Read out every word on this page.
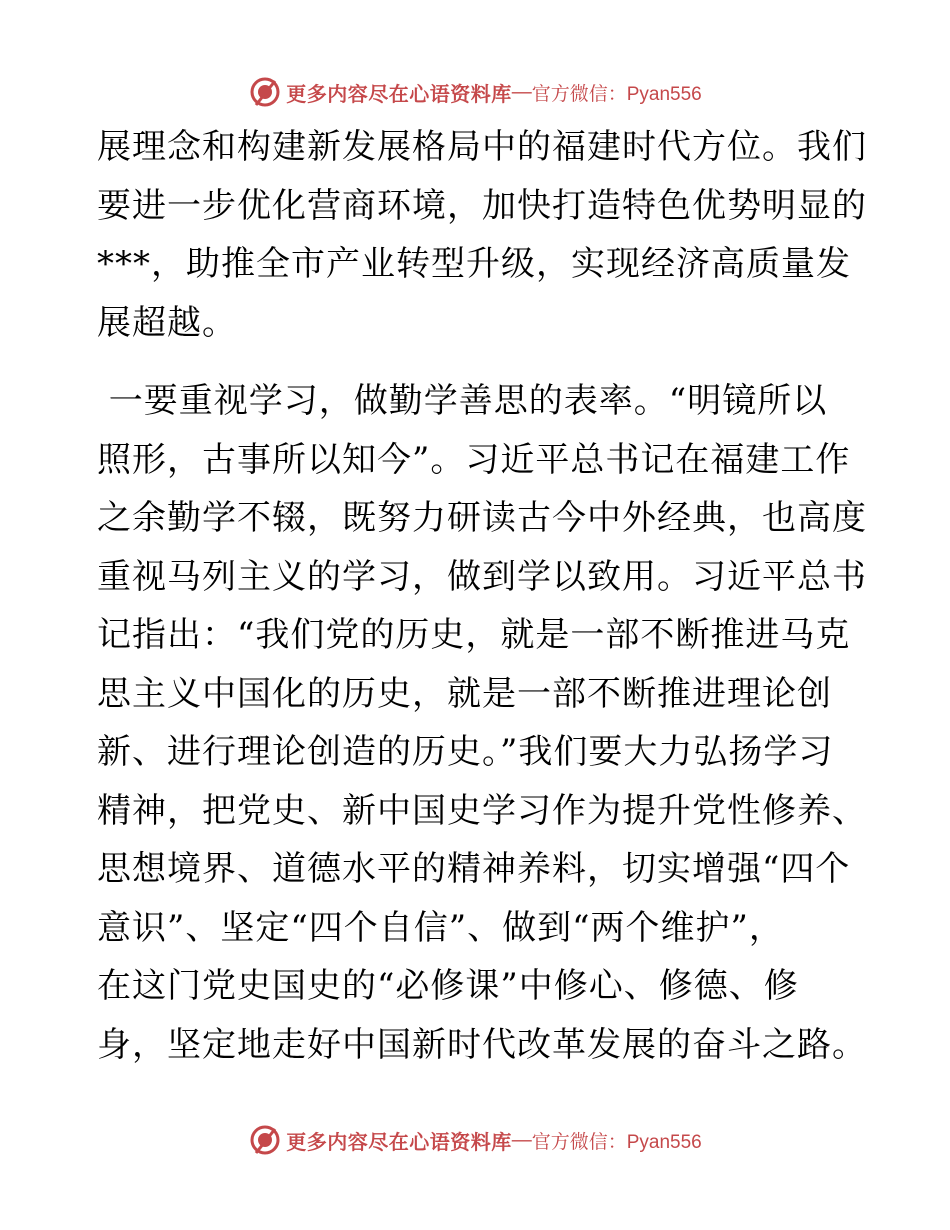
更多内容尽在心语资料库 — 官方微信：Pyan556
展理念和构建新发展格局中的福建时代方位。我们
要进一步优化营商环境，加快打造特色优势明显的
***，助推全市产业转型升级，实现经济高质量发
展超越。
一要重视学习，做勤学善思的表率。“明镜所以
照形，古事所以知今”。习近平总书记在福建工作
之余勤学不辍，既努力研读古今中外经典，也高度
重视马列主义的学习，做到学以致用。习近平总书
记指出：“我们党的历史，就是一部不断推进马克
思主义中国化的历史，就是一部不断推进理论创
新、进行理论创造的历史。”我们要大力弘扬学习
精神，把党史、新中国史学习作为提升党性修养、
思想境界、道德水平的精神养料，切实增强“四个
意识”、坚定“四个自信”、做到“两个维护”，
在这门党史国史的“必修课”中修心、修德、修
身，坚定地走好中国新时代改革发展的奋斗之路。
更多内容尽在心语资料库 — 官方微信：Pyan556
